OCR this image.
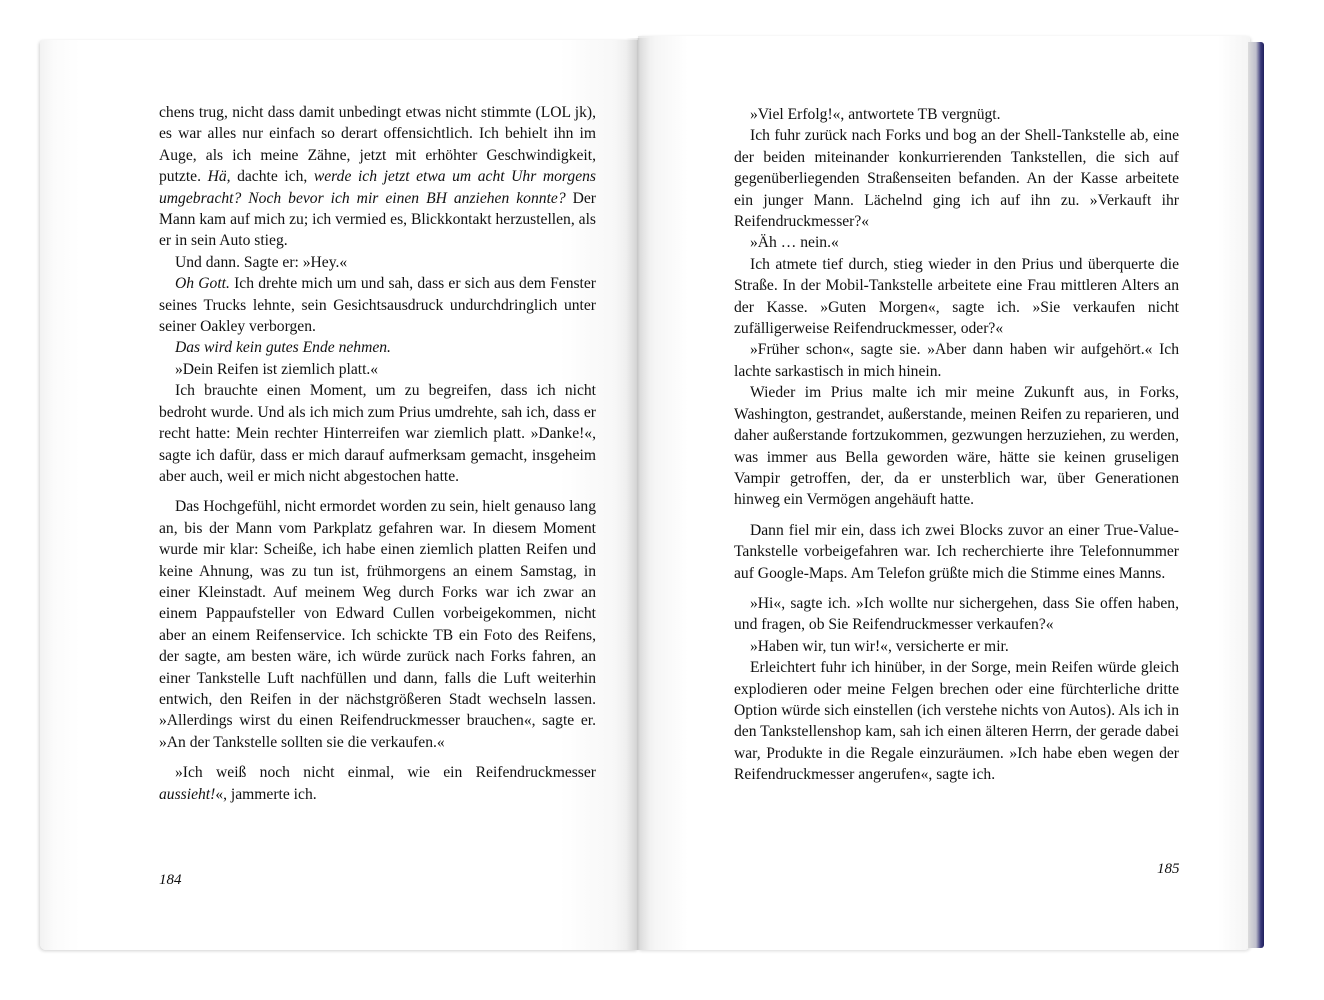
chens trug, nicht dass damit unbedingt etwas nicht stimmte (LOL jk), es war alles nur einfach so derart offensichtlich. Ich behielt ihn im Auge, als ich meine Zähne, jetzt mit erhöhter Geschwindigkeit, putzte. Hä, dachte ich, werde ich jetzt etwa um acht Uhr morgens umgebracht? Noch bevor ich mir einen BH anziehen konnte? Der Mann kam auf mich zu; ich vermied es, Blickkontakt herzustellen, als er in sein Auto stieg.

Und dann. Sagte er: »Hey.«

Oh Gott. Ich drehte mich um und sah, dass er sich aus dem Fenster seines Trucks lehnte, sein Gesichtsausdruck undurchdringlich unter seiner Oakley verborgen.

Das wird kein gutes Ende nehmen.

»Dein Reifen ist ziemlich platt.«

Ich brauchte einen Moment, um zu begreifen, dass ich nicht bedroht wurde. Und als ich mich zum Prius umdrehte, sah ich, dass er recht hatte: Mein rechter Hinterreifen war ziemlich platt. »Danke!«, sagte ich dafür, dass er mich darauf aufmerksam gemacht, insgeheim aber auch, weil er mich nicht abgestochen hatte.

Das Hochgefühl, nicht ermordet worden zu sein, hielt genauso lang an, bis der Mann vom Parkplatz gefahren war. In diesem Moment wurde mir klar: Scheiße, ich habe einen ziemlich platten Reifen und keine Ahnung, was zu tun ist, frühmorgens an einem Samstag, in einer Kleinstadt. Auf meinem Weg durch Forks war ich zwar an einem Pappaufsteller von Edward Cullen vorbeigekommen, nicht aber an einem Reifenservice. Ich schickte TB ein Foto des Reifens, der sagte, am besten wäre, ich würde zurück nach Forks fahren, an einer Tankstelle Luft nachfüllen und dann, falls die Luft weiterhin entwich, den Reifen in der nächstgrößeren Stadt wechseln lassen. »Allerdings wirst du einen Reifendruckmesser brauchen«, sagte er. »An der Tankstelle sollten sie die verkaufen.«

»Ich weiß noch nicht einmal, wie ein Reifendruckmesser aussieht!«, jammerte ich.

184

»Viel Erfolg!«, antwortete TB vergnügt.

Ich fuhr zurück nach Forks und bog an der Shell-Tankstelle ab, eine der beiden miteinander konkurrierenden Tankstellen, die sich auf gegenüberliegenden Straßenseiten befanden. An der Kasse arbeitete ein junger Mann. Lächelnd ging ich auf ihn zu. »Verkauft ihr Reifendruckmesser?«

»Äh … nein.«

Ich atmete tief durch, stieg wieder in den Prius und überquerte die Straße. In der Mobil-Tankstelle arbeitete eine Frau mittleren Alters an der Kasse. »Guten Morgen«, sagte ich. »Sie verkaufen nicht zufälligerweise Reifendruckmesser, oder?«

»Früher schon«, sagte sie. »Aber dann haben wir aufgehört.« Ich lachte sarkastisch in mich hinein.

Wieder im Prius malte ich mir meine Zukunft aus, in Forks, Washington, gestrandet, außerstande, meinen Reifen zu reparieren, und daher außerstande fortzukommen, gezwungen herzuziehen, zu werden, was immer aus Bella geworden wäre, hätte sie keinen gruseligen Vampir getroffen, der, da er unsterblich war, über Generationen hinweg ein Vermögen angehäuft hatte.

Dann fiel mir ein, dass ich zwei Blocks zuvor an einer True-Value-Tankstelle vorbeigefahren war. Ich recherchierte ihre Telefonnummer auf Google-Maps. Am Telefon grüßte mich die Stimme eines Manns.

»Hi«, sagte ich. »Ich wollte nur sichergehen, dass Sie offen haben, und fragen, ob Sie Reifendruckmesser verkaufen?«

»Haben wir, tun wir!«, versicherte er mir.

Erleichtert fuhr ich hinüber, in der Sorge, mein Reifen würde gleich explodieren oder meine Felgen brechen oder eine fürchterliche dritte Option würde sich einstellen (ich verstehe nichts von Autos). Als ich in den Tankstellenshop kam, sah ich einen älteren Herrn, der gerade dabei war, Produkte in die Regale einzuräumen. »Ich habe eben wegen der Reifendruckmesser angerufen«, sagte ich.

185
